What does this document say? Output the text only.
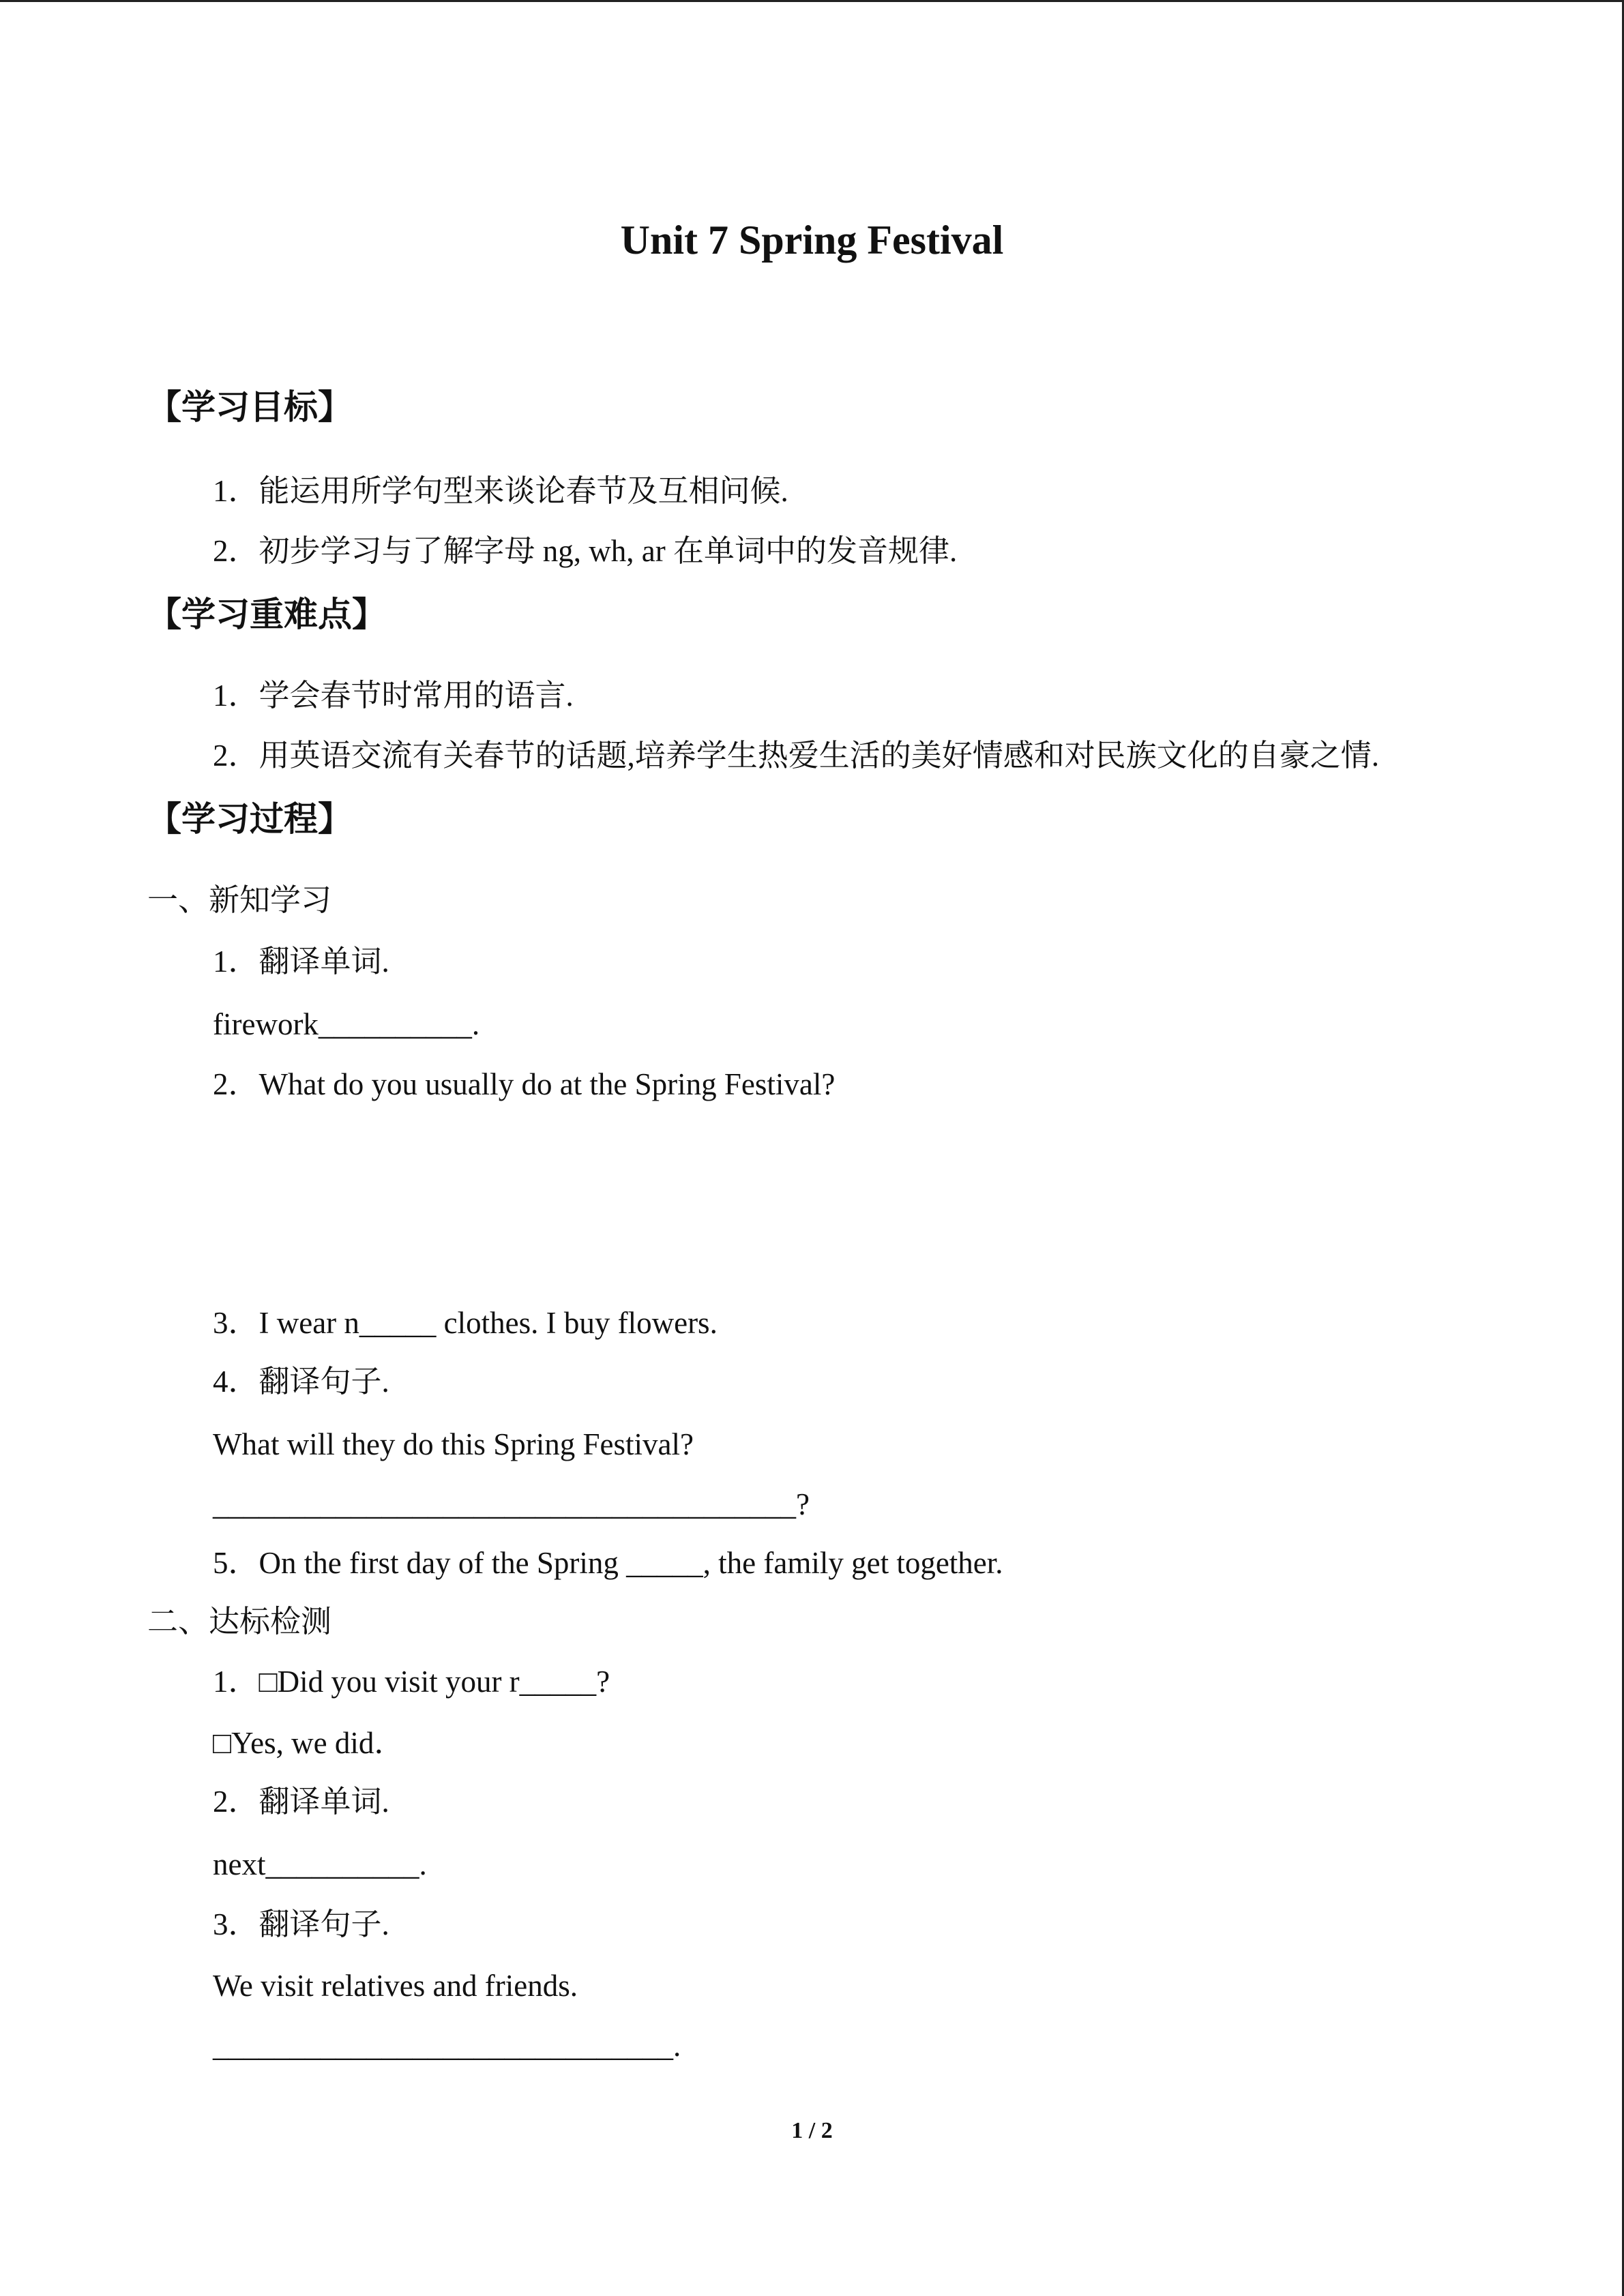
Unit 7 Spring Festival
【学习目标】
1．能运用所学句型来谈论春节及互相问候.
2．初步学习与了解字母 ng, wh, ar 在单词中的发音规律.
【学习重难点】
1．学会春节时常用的语言.
2．用英语交流有关春节的话题,培养学生热爱生活的美好情感和对民族文化的自豪之情.
【学习过程】
一、新知学习
1．翻译单词.
firework__________.
2．What do you usually do at the Spring Festival?
3．I wear n_____ clothes. I buy flowers.
4．翻译句子.
What will they do this Spring Festival?
______________________________________?
5．On the first day of the Spring _____, the family get together.
二、达标检测
1．□Did you visit your r_____?
□Yes, we did．
2．翻译单词.
next__________.
3．翻译句子.
We visit relatives and friends.
______________________________.
1 / 2
